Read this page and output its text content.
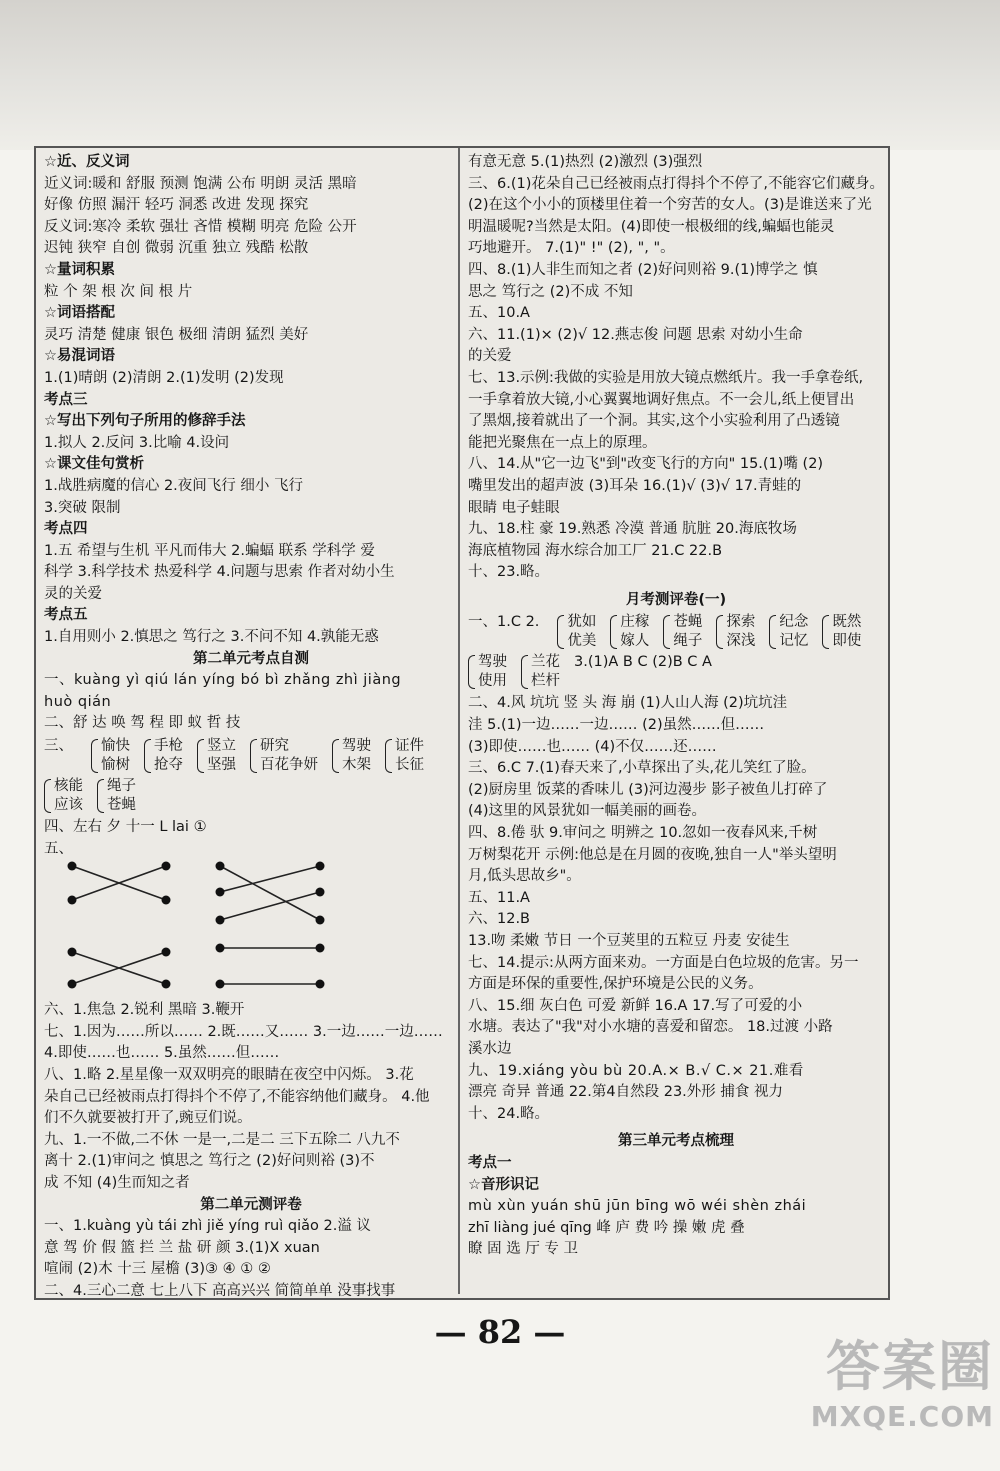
☆近、反义词
近义词:暖和 舒服 预测 饱满 公布 明朗 灵活 黑暗
好像 仿照 漏汗 轻巧 洞悉 改进 发现 探究
反义词:寒冷 柔软 强壮 吝惜 模糊 明亮 危险 公开
迟钝 狭窄 自创 微弱 沉重 独立 残酷 松散
☆量词积累
粒 个 架 根 次 间 根 片
☆词语搭配
灵巧 清楚 健康 银色 极细 清朗 猛烈 美好
☆易混词语
1.(1)晴朗 (2)清朗 2.(1)发明 (2)发现
考点三
☆写出下列句子所用的修辞手法
1.拟人 2.反问 3.比喻 4.设问
☆课文佳句赏析
1.战胜病魔的信心 2.夜间飞行 细小 飞行
3.突破 限制
考点四
1.五 希望与生机 平凡而伟大 2.蝙蝠 联系 学科学 爱
科学 3.科学技术 热爱科学 4.问题与思索 作者对幼小生
灵的关爱
考点五
1.自用则小 2.慎思之 笃行之 3.不问不知 4.孰能无惑
第二单元考点自测
一、kuàng yì qiú lán yíng bó bì zhǎng zhì jiàng
huò qián
二、舒 达 唤 驾 程 即 蚁 哲 技
三、 愉快
愉树
手枪
抢夺
竖立
坚强
研究
百花争妍
驾驶
木架
证件
长征
核能
应该
绳子
苍蝇
四、左右 夕 十一 L lai ①
五、
六、1.焦急 2.锐利 黑暗 3.鞭开
七、1.因为……所以…… 2.既……又…… 3.一边……一边……
4.即使……也…… 5.虽然……但……
八、1.略 2.星星像一双双明亮的眼睛在夜空中闪烁。 3.花
朵自己已经被雨点打得抖个不停了,不能容纳他们藏身。 4.他
们不久就要被打开了,豌豆们说。
九、1.一不做,二不休 一是一,二是二 三下五除二 八九不
离十 2.(1)审问之 慎思之 笃行之 (2)好问则裕 (3)不
成 不知 (4)生而知之者
第二单元测评卷
一、1.kuàng yù tái zhì jiě yíng ruì qiǎo 2.溢 议
意 驾 价 假 篮 拦 兰 盐 研 颜 3.(1)X xuan
喧闹 (2)木 十三 屋檐 (3)③ ④ ① ②
二、4.三心二意 七上八下 高高兴兴 简简单单 没事找事
有意无意 5.(1)热烈 (2)激烈 (3)强烈
三、6.(1)花朵自己已经被雨点打得抖个不停了,不能容它们藏身。
(2)在这个小小的顶楼里住着一个穷苦的女人。(3)是谁送来了光
明温暖呢?当然是太阳。(4)即使一根极细的线,蝙蝠也能灵
巧地避开。 7.(1)" !" (2), ", "。
四、8.(1)人非生而知之者 (2)好问则裕 9.(1)博学之 慎
思之 笃行之 (2)不成 不知
五、10.A
六、11.(1)× (2)√ 12.燕志俊 问题 思索 对幼小生命
的关爱
七、13.示例:我做的实验是用放大镜点燃纸片。我一手拿卷纸,
一手拿着放大镜,小心翼翼地调好焦点。不一会儿,纸上便冒出
了黑烟,接着就出了一个洞。其实,这个小实验利用了凸透镜
能把光聚焦在一点上的原理。
八、14.从"它一边飞"到"改变飞行的方向" 15.(1)嘴 (2)
嘴里发出的超声波 (3)耳朵 16.(1)√ (3)√ 17.青蛙的
眼睛 电子蛙眼
九、18.柱 豪 19.熟悉 冷漠 普通 肮脏 20.海底牧场
海底植物园 海水综合加工厂 21.C 22.B
十、23.略。
月考测评卷(一)
一、1.C 2. 犹如
优美
庄稼
嫁人
苍蝇
绳子
探索
深浅
纪念
记忆
既然
即使
驾驶
使用
兰花
栏杆
3.(1)A B C (2)B C A
二、4.风 坑坑 竖 头 海 崩 (1)人山人海 (2)坑坑洼
洼 5.(1)一边……一边…… (2)虽然……但……
(3)即使……也…… (4)不仅……还……
三、6.C 7.(1)春天来了,小草探出了头,花儿笑红了脸。
(2)厨房里 饭菜的香味儿 (3)河边漫步 影子被鱼儿打碎了
(4)这里的风景犹如一幅美丽的画卷。
四、8.倦 驮 9.审问之 明辨之 10.忽如一夜春风来,千树
万树梨花开 示例:他总是在月圆的夜晚,独自一人"举头望明
月,低头思故乡"。
五、11.A
六、12.B
13.吻 柔嫩 节日 一个豆荚里的五粒豆 丹麦 安徒生
七、14.提示:从两方面来劝。一方面是白色垃圾的危害。另一
方面是环保的重要性,保护环境是公民的义务。
八、15.细 灰白色 可爱 新鲜 16.A 17.写了可爱的小
水塘。表达了"我"对小水塘的喜爱和留恋。 18.过渡 小路
溪水边
九、19.xiáng yòu bù 20.A.× B.√ C.× 21.难看
漂亮 奇异 普通 22.第4自然段 23.外形 捕食 视力
十、24.略。
第三单元考点梳理
考点一
☆音形识记
mù xùn yuán shū jūn bīng wō wéi shèn zhái
zhī liàng jué qīng 峰 庐 费 吟 操 嫩 虎 叠
瞭 固 选 厅 专 卫
— 82 —
答案圈
MXQE.COM
